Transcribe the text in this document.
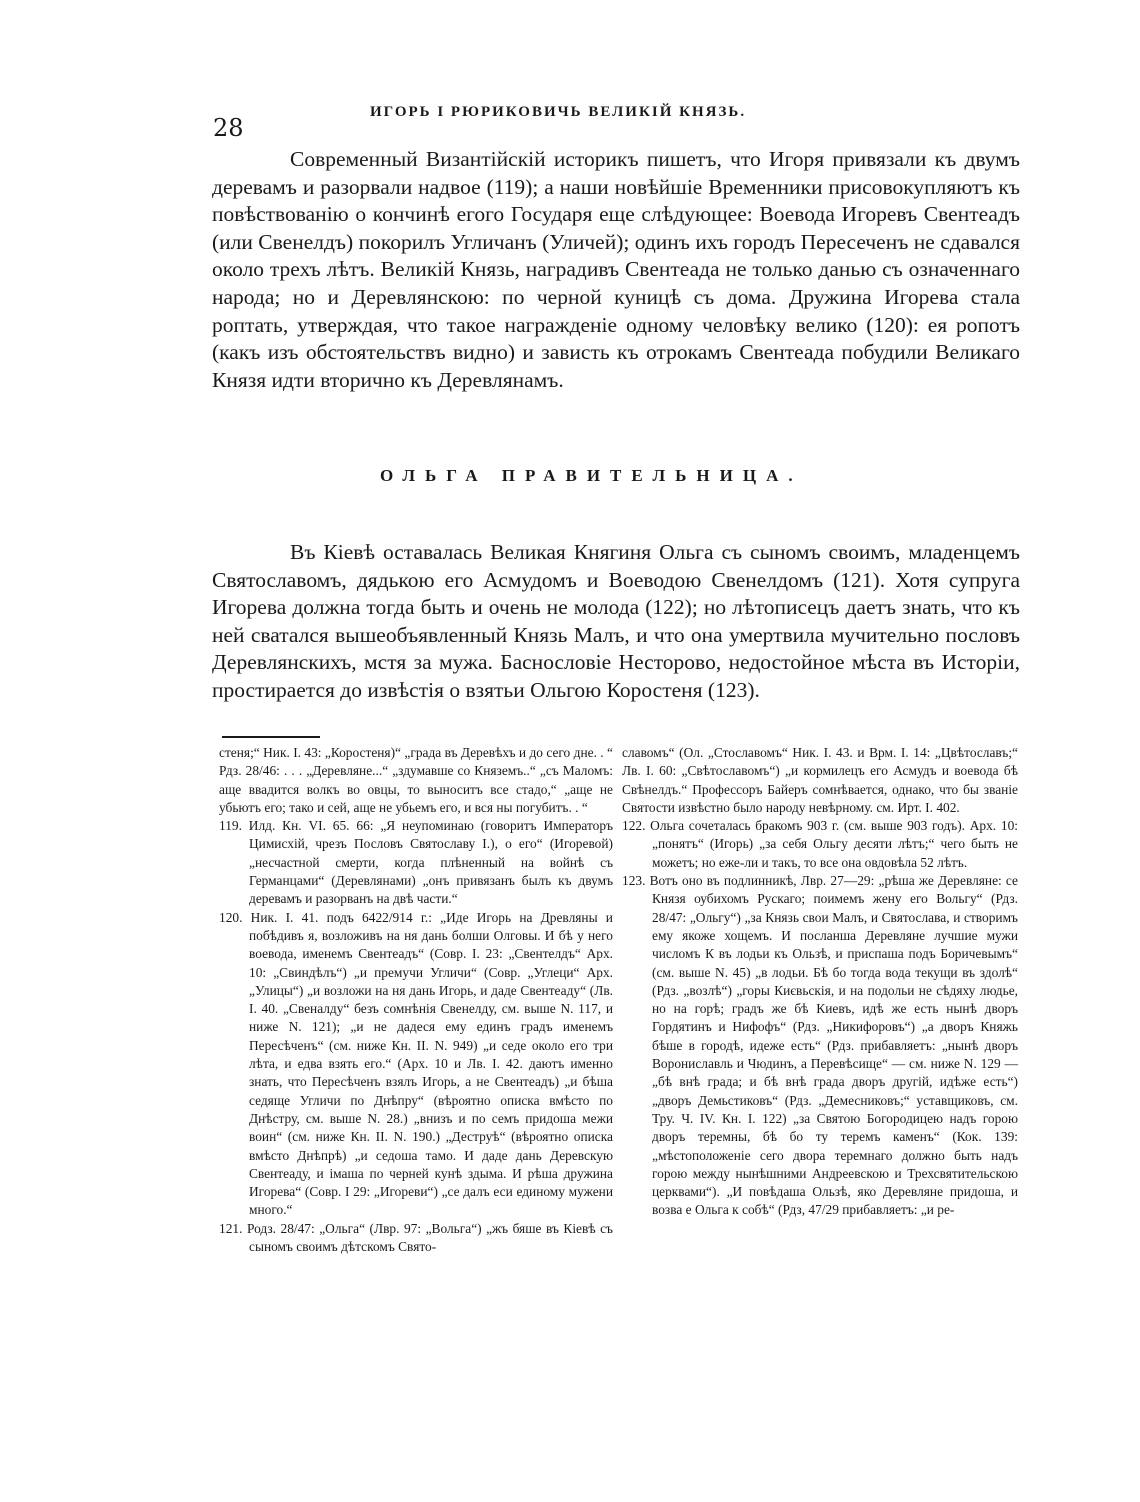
28
ИГОРЬ І РЮРИКОВИЧЬ ВЕЛИКІЙ КНЯЗЬ.

Современный Византійскій историкъ пишетъ, что Игоря привязали къ двумъ деревамъ и разорвали надвое (119); а наши новѣйшіе Временники присовокупляютъ къ повѣствованію о кончинѣ егого Государя еще слѣдующее: Воевода Игоревъ Свентеадъ (или Свенелдъ) покорилъ Угличанъ (Уличей); одинъ ихъ городъ Пересеченъ не сдавался около трехъ лѣтъ. Великій Князь, наградивъ Свентеада не только данью съ означеннаго народа; но и Деревлянскою: по черной куницѣ съ дома. Дружина Игорева стала роптать, утверждая, что такое награжденіе одному человѣку велико (120): ея ропотъ (какъ изъ обстоятельствъ видно) и зависть къ отрокамъ Свентеада побудили Великаго Князя идти вторично къ Деревлянамъ.

ОЛЬГА ПРАВИТЕЛЬНИЦА.

Въ Кіевѣ оставалась Великая Княгиня Ольга съ сыномъ своимъ, младенцемъ Святославомъ, дядькою его Асмудомъ и Воеводою Свенелдомъ (121). Хотя супруга Игорева должна тогда быть и очень не молода (122); но лѣтописецъ даетъ знать, что къ ней сватался вышеобъявленный Князь Малъ, и что она умертвила мучительно пословъ Деревлянскихъ, мстя за мужа. Баснословіе Несторово, недостойное мѣста въ Исторіи, простирается до извѣстія о взятьи Ольгою Коростеня (123).

стеня;“ Ник. І. 43: „Коростеня)“ „града въ Деревѣхъ и до сего дне. . “ Рдз. 28/46: . . . „Деревляне...“ „здумавше со Княземъ..“ „съ Маломъ: аще ввадится волкъ во овцы, то выноситъ все стадо,“ „аще не убьютъ его; тако и сей, аще не убьемъ его, и вся ны погубитъ. . “

119. Илд. Кн. VI. 65. 66: „Я неупоминаю (говоритъ Императоръ Цимисхій, чрезъ Пословъ Святославу І.), о его“ (Игоревой) „несчастной смерти, когда плѣненный на войнѣ съ Германцами“ (Деревлянами) „онъ привязанъ былъ къ двумъ деревамъ и разорванъ на двѣ части.“

120. Ник. І. 41. подъ 6422/914 г.: „Иде Игорь на Древляны и побѣдивъ я, возложивъ на ня дань болши Олговы. И бѣ у него воевода, именемъ Свентеадъ“ (Совр. І. 23: „Свентелдъ“ Арх. 10: „Свиндѣлъ“) „и премучи Угличи“ (Совр. „Углеци“ Арх. „Улицы“) „и возложи на ня дань Игорь, и даде Свентеаду“ (Лв. І. 40. „Свеналду“ безъ сомнѣнія Свенелду, см. выше N. 117, и ниже N. 121); „и не дадеся ему единъ градъ именемъ Пересѣченъ“ (см. ниже Кн. II. N. 949) „и седе около его три лѣта, и едва взять его.“ (Арх. 10 и Лв. І. 42. даютъ именно знать, что Пересѣченъ взялъ Игорь, а не Свентеадъ) „и бѣша седяще Угличи по Днѣпру“ (вѣроятно описка вмѣсто по Днѣстру, см. выше N. 28.) „внизъ и по семъ придоша межи воин“ (см. ниже Кн. II. N. 190.) „Деструѣ“ (вѣроятно описка вмѣсто Днѣпрѣ) „и седоша тамо. И даде дань Деревскую Свентеаду, и імаша по черней кунѣ здыма. И рѣша дружина Игорева“ (Совр. І 29: „Игореви“) „се далъ еси единому мужени много.“

121. Родз. 28/47: „Ольга“ (Лвр. 97: „Вольга“) „жъ бяше въ Кіевѣ съ сыномъ своимъ дѣтскомъ Свято-

славомъ“ (Ол. „Стославомъ“ Ник. І. 43. и Врм. І. 14: „Цвѣтославъ;“ Лв. І. 60: „Свѣтославомъ“) „и кормилецъ его Асмудъ и воевода бѣ Свѣнелдъ.“ Профессоръ Байеръ сомнѣвается, однако, что бы званіе Святости извѣстно было народу невѣрному. см. Ирт. І. 402.

122. Ольга сочеталась бракомъ 903 г. (см. выше 903 годъ). Арх. 10: „понятъ“ (Игорь) „за себя Ольгу десяти лѣтъ;“ чего быть не можетъ; но еже-ли и такъ, то все она овдовѣла 52 лѣтъ.

123. Вотъ оно въ подлинникѣ, Лвр. 27—29: „рѣша же Деревляне: се Князя оубихомъ Рускаго; поимемъ жену его Вольгу“ (Рдз. 28/47: „Ольгу“) „за Князь свои Малъ, и Святослава, и створимъ ему якоже хощемъ. И посланша Деревляне лучшие мужи числомъ К въ лодьи къ Ользѣ, и приспаша подъ Боричевымъ“ (см. выше N. 45) „в лодьи. Бѣ бо тогда вода текущи въ здолѣ“ (Рдз. „возлѣ“) „горы Києвьскія, и на подольи не сѣдяху людье, но на горѣ; градъ же бѣ Киевъ, идѣ же есть нынѣ дворъ Гордятинъ и Нифофъ“ (Рдз. „Никифоровъ“) „а дворъ Княжь бѣше в городѣ, идеже есть“ (Рдз. прибавляетъ: „нынѣ дворъ Ворониславль и Чюдинъ, а Перевѣсище“ — см. ниже N. 129 — „бѣ внѣ града; и бѣ внѣ града дворъ другій, идѣже есть“) „дворъ Демьстиковъ“ (Рдз. „Демесниковъ;“ уставщиковъ, см. Тру. Ч. ІV. Кн. І. 122) „за Святою Богородицею надъ горою дворъ теремны, бѣ бо ту теремъ каменъ“ (Кок. 139: „мѣстоположеніе сего двора теремнаго должно быть надъ горою между нынѣшними Андреевскою и Трехсвятительскою церквами“). „И повѣдаша Ользѣ, яко Деревляне придоша, и возва е Ольга к собѣ“ (Рдз, 47/29 прибавляетъ: „и ре-
